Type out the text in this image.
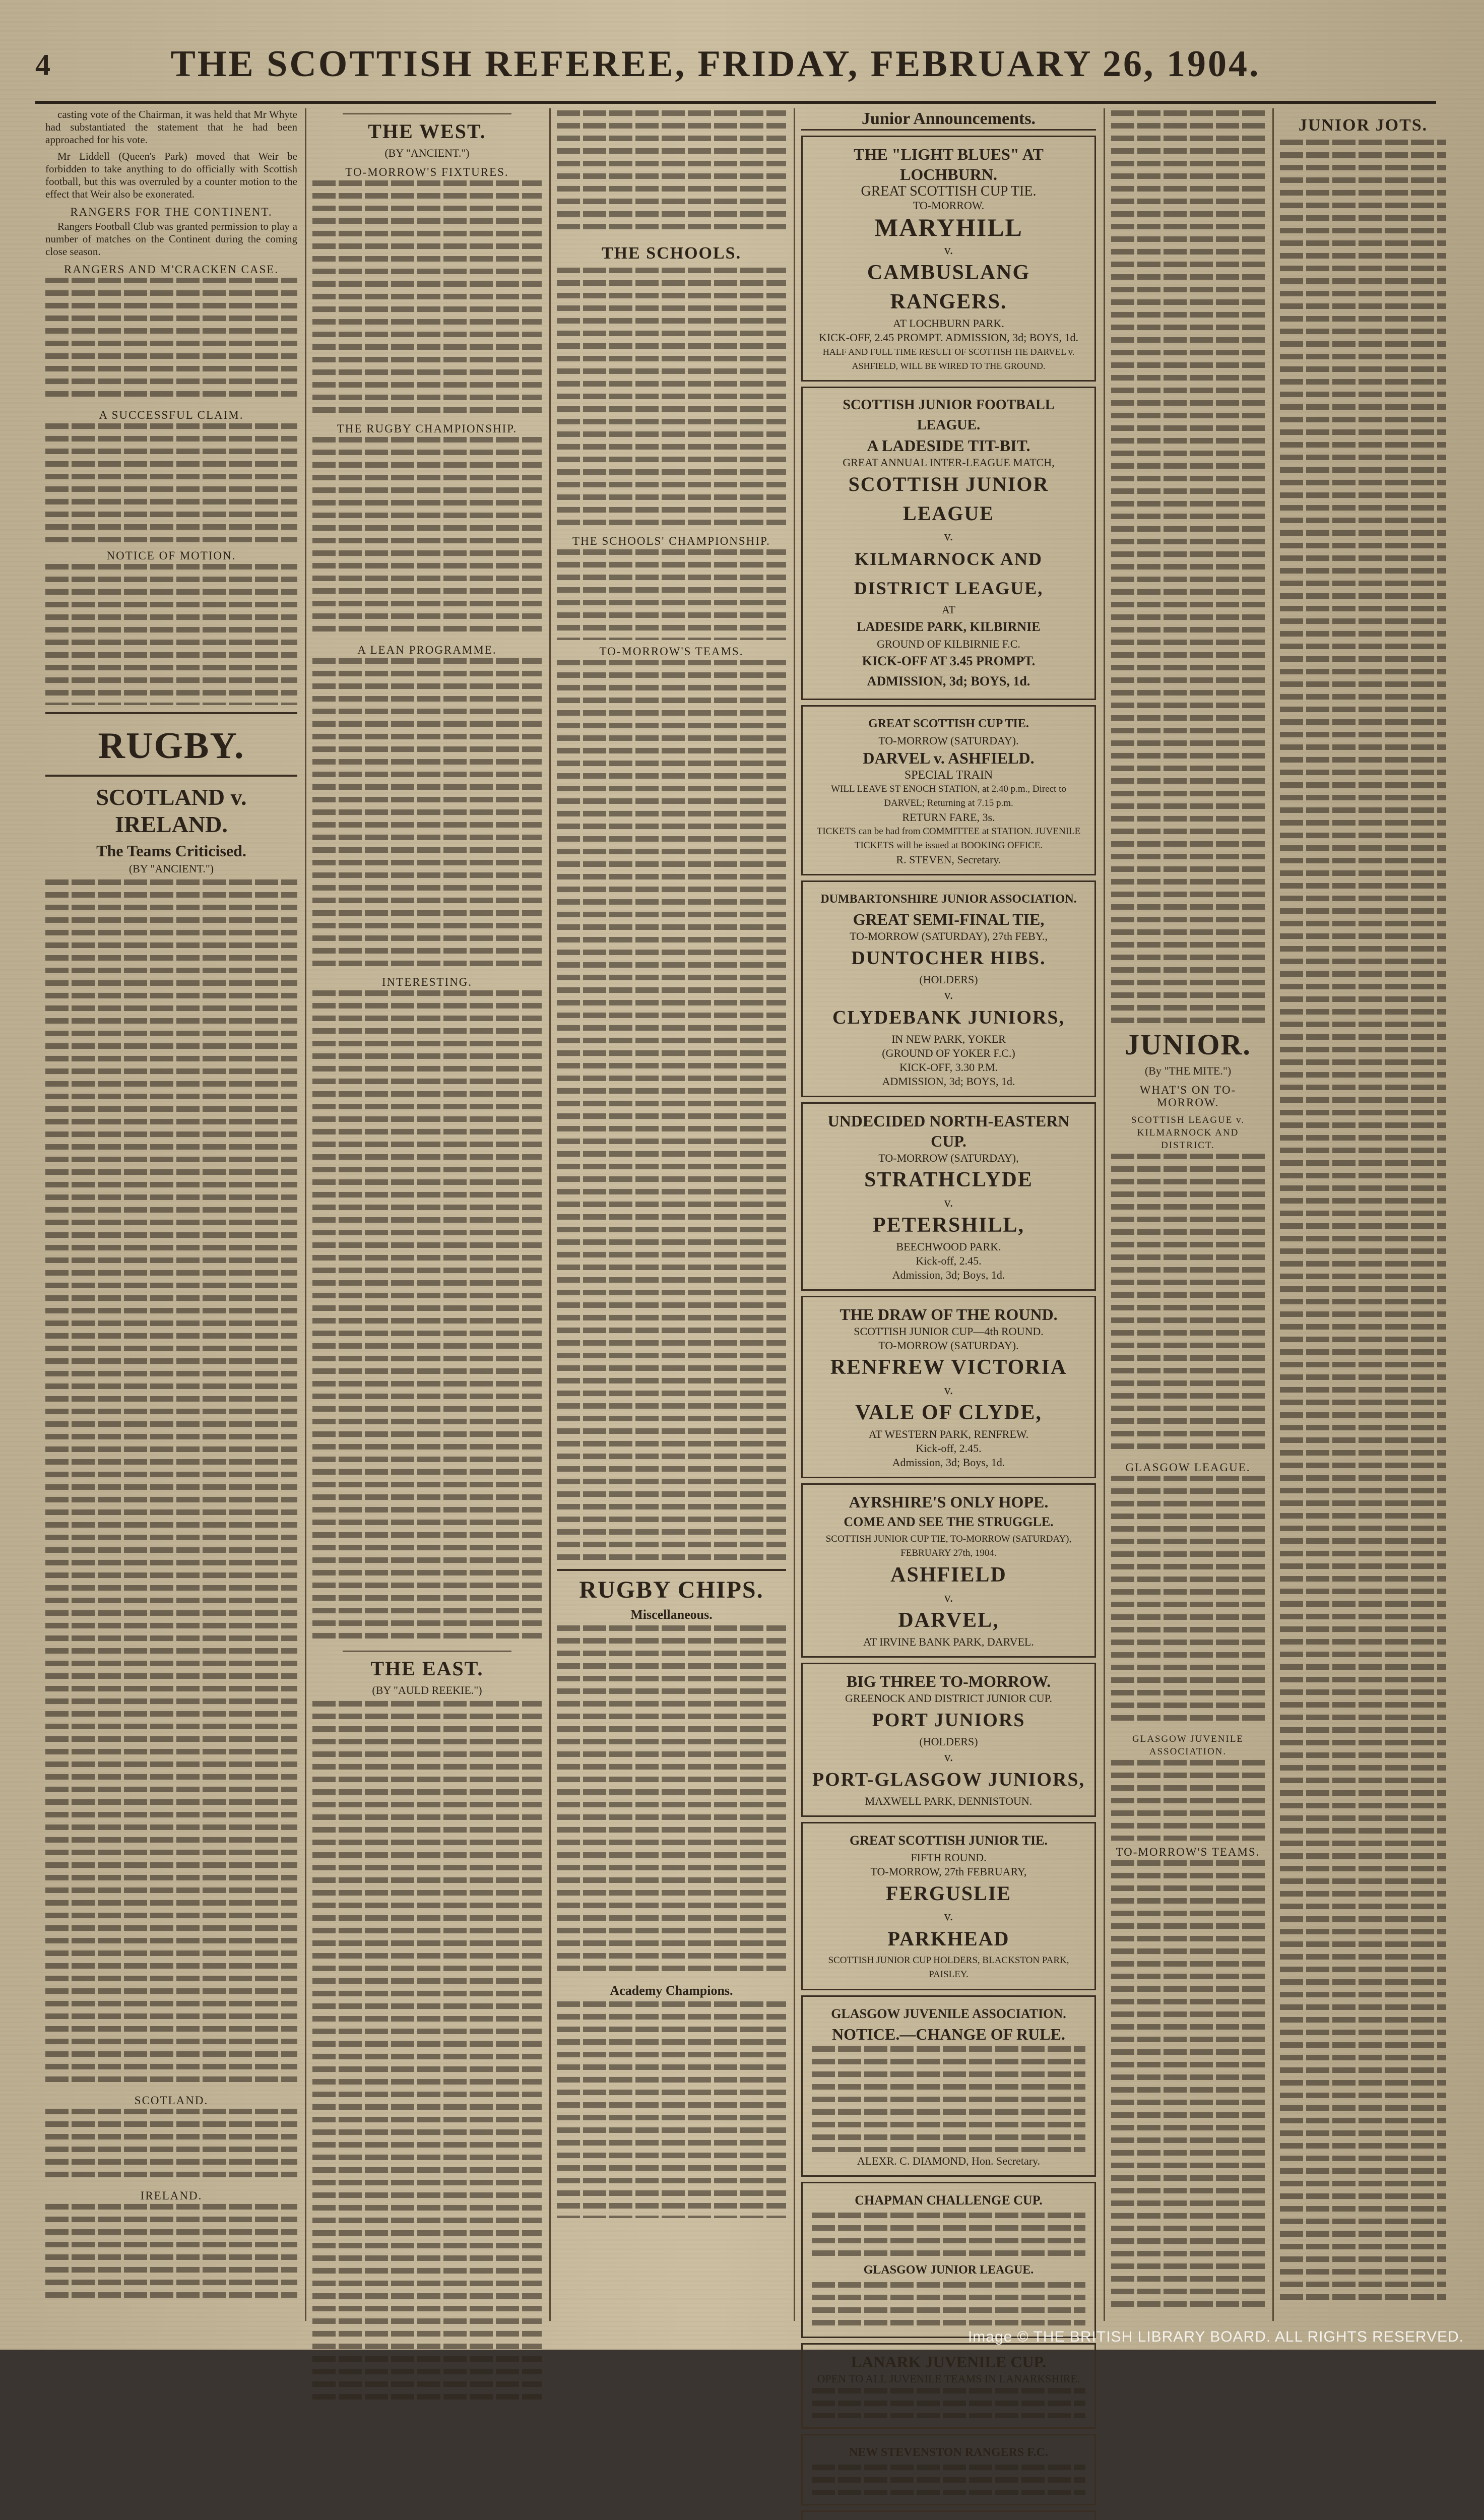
4	THE SCOTTISH REFEREE, FRIDAY, FEBRUARY 26, 1904.

casting vote of the Chairman, it was held that Mr Whyte had substantiated the statement that he had been approached for his vote.

Mr Liddell (Queen's Park) moved that Weir be forbidden to take anything to do officially with Scottish football, but this was overruled by a counter motion to the effect that Weir also be exonerated.

RANGERS FOR THE CONTINENT.

Rangers Football Club was granted permission to play a number of matches on the Continent during the coming close season.

RANGERS AND M'CRACKEN CASE.
A SUCCESSFUL CLAIM.
NOTICE OF MOTION.
RUGBY.
SCOTLAND v. IRELAND.
The Teams Criticised.
(BY "ANCIENT.")
SCOTLAND.
IRELAND.
THE WEST.
(BY "ANCIENT.")
TO-MORROW'S FIXTURES.
THE RUGBY CHAMPIONSHIP.
A LEAN PROGRAMME.
INTERESTING.
THE EAST.
(BY "AULD REEKIE.")
THE SCHOOLS.
THE SCHOOLS' CHAMPIONSHIP.
TO-MORROW'S TEAMS.
RUGBY CHIPS.
Miscellaneous.
Academy Champions.
Junior Announcements.
THE "LIGHT BLUES" AT LOCHBURN.
GREAT SCOTTISH CUP TIE.
TO-MORROW.
MARYHILL
v.
CAMBUSLANG RANGERS.
AT LOCHBURN PARK.
KICK-OFF, 2.45 PROMPT. ADMISSION, 3d; BOYS, 1d.
HALF AND FULL TIME RESULT OF SCOTTISH TIE DARVEL v. ASHFIELD, WILL BE WIRED TO THE GROUND.
SCOTTISH JUNIOR FOOTBALL LEAGUE.
A LADESIDE TIT-BIT.
GREAT ANNUAL INTER-LEAGUE MATCH,
SCOTTISH JUNIOR LEAGUE
v.
KILMARNOCK AND DISTRICT LEAGUE,
AT
LADESIDE PARK, KILBIRNIE
GROUND OF KILBIRNIE F.C.
KICK-OFF AT 3.45 PROMPT.
ADMISSION, 3d; BOYS, 1d.
GREAT SCOTTISH CUP TIE.
TO-MORROW (SATURDAY).
DARVEL v. ASHFIELD.
SPECIAL TRAIN
WILL LEAVE ST ENOCH STATION, at 2.40 p.m., Direct to DARVEL; Returning at 7.15 p.m.
RETURN FARE, 3s.
TICKETS can be had from COMMITTEE at STATION. JUVENILE TICKETS will be issued at BOOKING OFFICE.
R. STEVEN, Secretary.
DUMBARTONSHIRE JUNIOR ASSOCIATION.
GREAT SEMI-FINAL TIE,
TO-MORROW (SATURDAY), 27th FEBY.,
DUNTOCHER HIBS.
(HOLDERS)
v.
CLYDEBANK JUNIORS,
IN NEW PARK, YOKER
(GROUND OF YOKER F.C.)
KICK-OFF, 3.30 P.M.
ADMISSION, 3d; BOYS, 1d.
UNDECIDED NORTH-EASTERN CUP.
TO-MORROW (SATURDAY),
STRATHCLYDE
v.
PETERSHILL,
BEECHWOOD PARK.
Kick-off, 2.45.
Admission, 3d; Boys, 1d.
THE DRAW OF THE ROUND.
SCOTTISH JUNIOR CUP—4th ROUND.
TO-MORROW (SATURDAY).
RENFREW VICTORIA
v.
VALE OF CLYDE,
AT WESTERN PARK, RENFREW.
Kick-off, 2.45.
Admission, 3d; Boys, 1d.
AYRSHIRE'S ONLY HOPE.
COME AND SEE THE STRUGGLE.
SCOTTISH JUNIOR CUP TIE, TO-MORROW (SATURDAY), FEBRUARY 27th, 1904.
ASHFIELD
v.
DARVEL,
AT IRVINE BANK PARK, DARVEL.
BIG THREE TO-MORROW.
GREENOCK AND DISTRICT JUNIOR CUP.
PORT JUNIORS
(HOLDERS)
v.
PORT-GLASGOW JUNIORS,
MAXWELL PARK, DENNISTOUN.
GREAT SCOTTISH JUNIOR TIE.
FIFTH ROUND.
TO-MORROW, 27th FEBRUARY,
FERGUSLIE
v.
PARKHEAD
SCOTTISH JUNIOR CUP HOLDERS, BLACKSTON PARK, PAISLEY.
GLASGOW JUVENILE ASSOCIATION.
NOTICE.—CHANGE OF RULE.
ALEXR. C. DIAMOND, Hon. Secretary.
CHAPMAN CHALLENGE CUP.
GLASGOW JUNIOR LEAGUE.
LANARK JUVENILE CUP.
OPEN TO ALL JUVENILE TEAMS IN LANARKSHIRE.
NEW STEVENSTON RANGERS F.C.
JUNIOR.
(By "THE MITE.")
WHAT'S ON TO-MORROW.
SCOTTISH LEAGUE v. KILMARNOCK AND DISTRICT.
GLASGOW LEAGUE.
GLASGOW JUVENILE ASSOCIATION.
TO-MORROW'S TEAMS.
JUNIOR JOTS.
Image © THE BRITISH LIBRARY BOARD. ALL RIGHTS RESERVED.
